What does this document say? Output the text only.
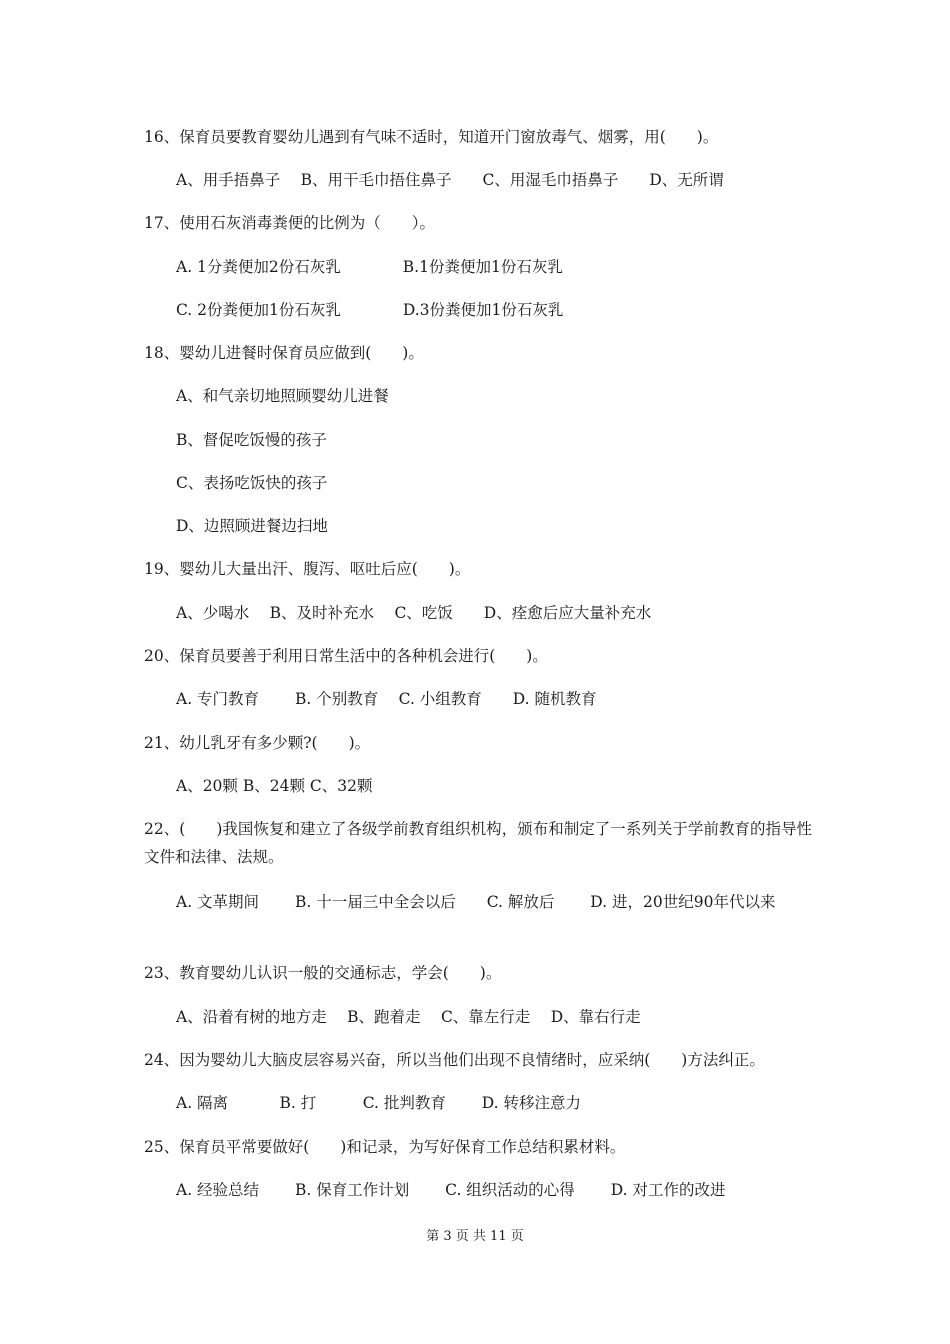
16、保育员要教育婴幼儿遇到有气味不适时，知道开门窗放毒气、烟雾，用(　　)。
A、用手捂鼻子　 B、用干毛巾捂住鼻子　　C、用湿毛巾捂鼻子　　D、无所谓
17、使用石灰消毒粪便的比例为（　　）。
A. 1分粪便加2份石灰乳　　　　B.1份粪便加1份石灰乳
C. 2份粪便加1份石灰乳　　　　D.3份粪便加1份石灰乳
18、婴幼儿进餐时保育员应做到(　　)。
A、和气亲切地照顾婴幼儿进餐
B、督促吃饭慢的孩子
C、表扬吃饭快的孩子
D、边照顾进餐边扫地
19、婴幼儿大量出汗、腹泻、呕吐后应(　　)。
A、少喝水　 B、及时补充水　 C、吃饭　　D、痊愈后应大量补充水
20、保育员要善于利用日常生活中的各种机会进行(　　)。
A. 专门教育　　 B. 个别教育　 C. 小组教育　　D. 随机教育
21、幼儿乳牙有多少颗?(　　)。
A、20颗 B、24颗 C、32颗
22、(　　)我国恢复和建立了各级学前教育组织机构，颁布和制定了一系列关于学前教育的指导性文件和法律、法规。
A. 文革期间　　 B. 十一届三中全会以后　　C. 解放后　　 D. 进，20世纪90年代以来
23、教育婴幼儿认识一般的交通标志，学会(　　)。
A、沿着有树的地方走　 B、跑着走　 C、靠左行走　 D、靠右行走
24、因为婴幼儿大脑皮层容易兴奋，所以当他们出现不良情绪时，应采纳(　　)方法纠正。
A. 隔离　　　 B. 打　　　C. 批判教育　　 D. 转移注意力
25、保育员平常要做好(　　)和记录，为写好保育工作总结积累材料。
A. 经验总结　　 B. 保育工作计划　　 C. 组织活动的心得　　 D. 对工作的改进
第 3 页 共 11 页
